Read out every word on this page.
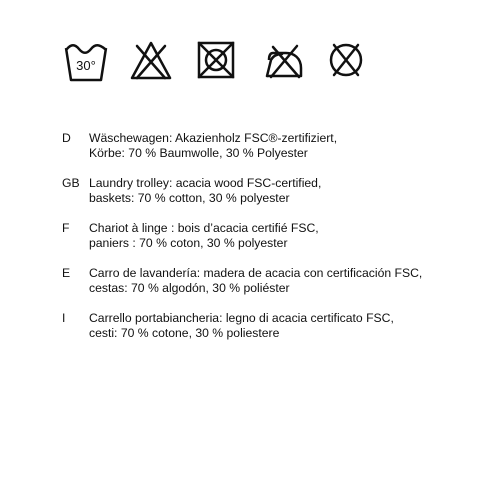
30°
D	Wäschewagen: Akazienholz FSC®-zertifiziert,
Körbe: 70 % Baumwolle, 30 % Polyester
GB Laundry trolley: acacia wood FSC-certified,
baskets: 70 % cotton, 30 % polyester
F	Chariot à linge : bois d’acacia certifié FSC,
paniers : 70 % coton, 30 % polyester
E	Carro de lavandería: madera de acacia con certificación FSC,
cestas: 70 % algodón, 30 % poliéster
I	Carrello portabiancheria: legno di acacia certificato FSC,
cesti: 70 % cotone, 30 % poliestere
